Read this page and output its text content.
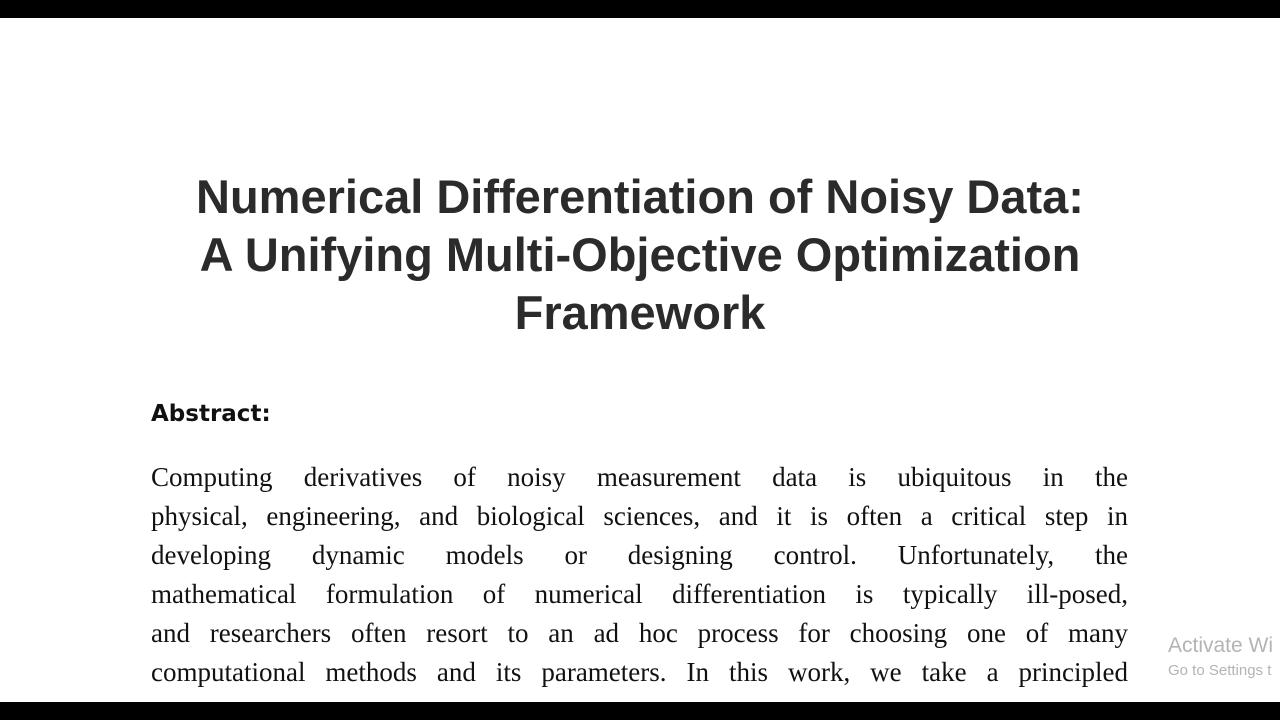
Numerical Differentiation of Noisy Data:
A Unifying Multi-Objective Optimization
Framework
Abstract:
Computing derivatives of noisy measurement data is ubiquitous in the
physical, engineering, and biological sciences, and it is often a critical step in
developing dynamic models or designing control. Unfortunately, the
mathematical formulation of numerical differentiation is typically ill-posed,
and researchers often resort to an ad hoc process for choosing one of many
computational methods and its parameters. In this work, we take a principled
Activate Wi
Go to Settings t
